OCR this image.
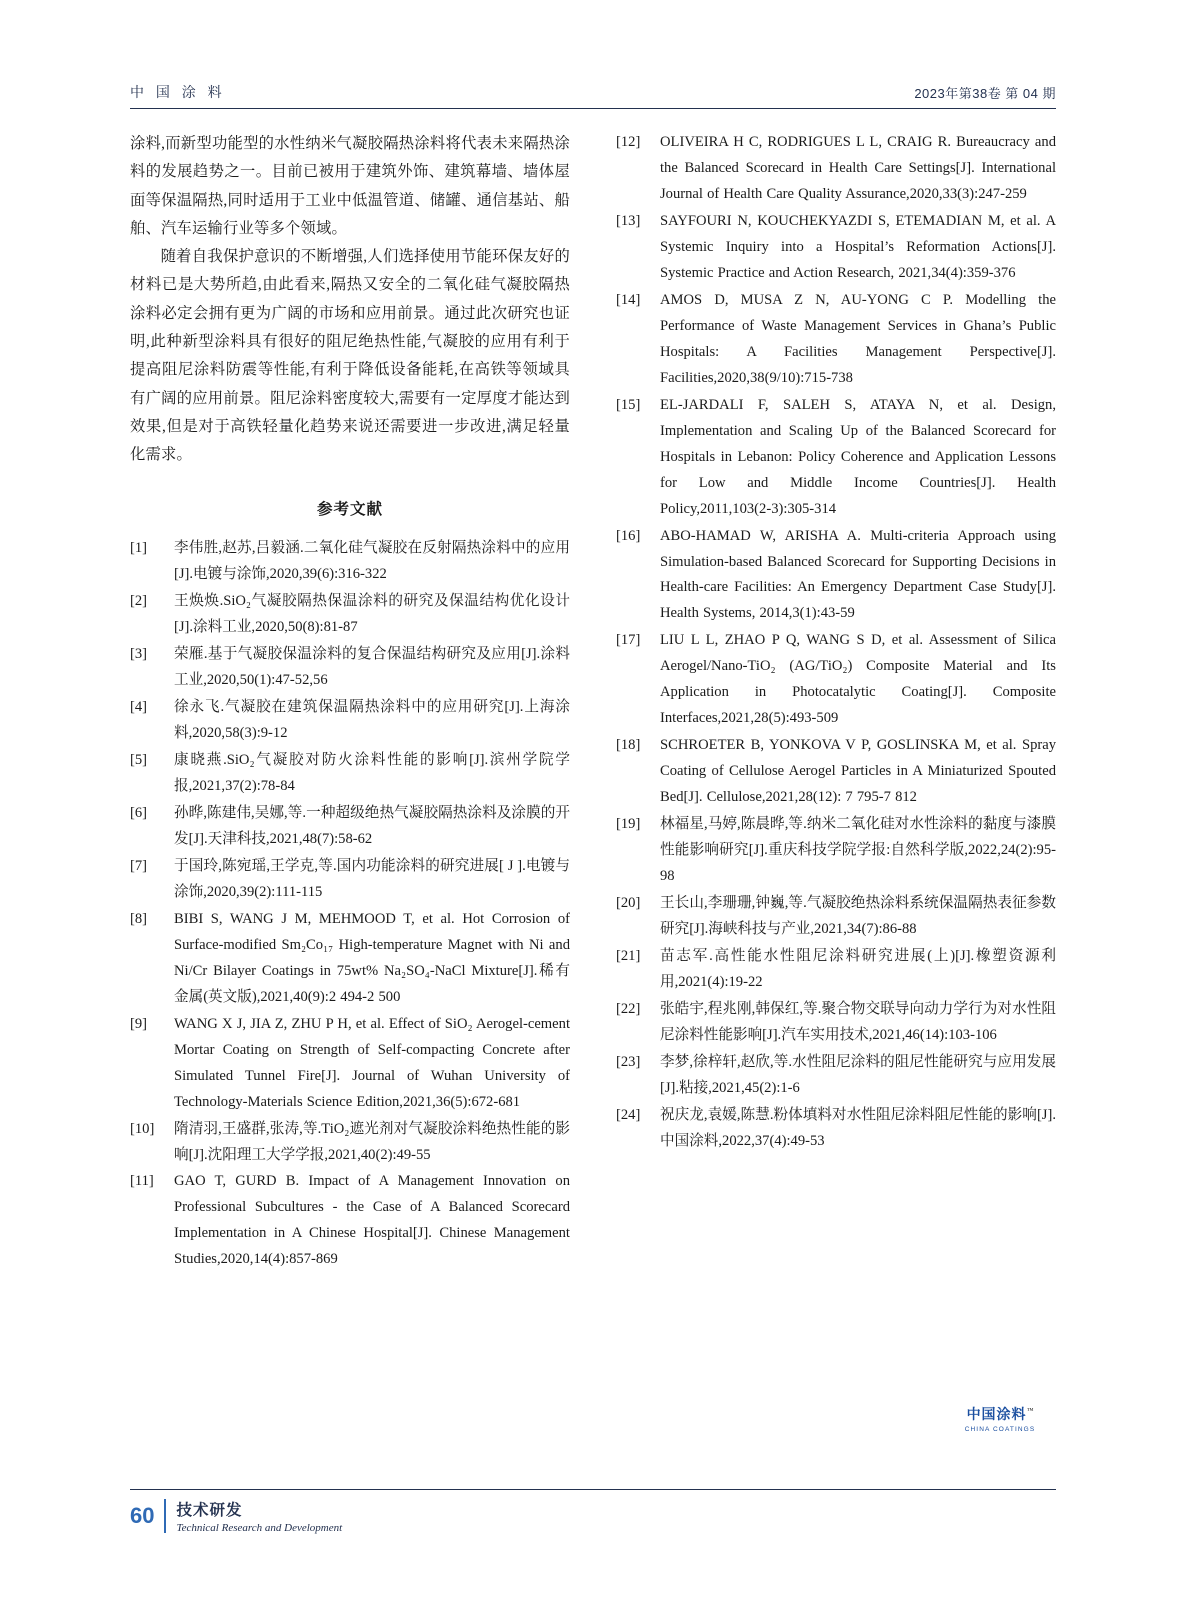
中 国 涂 料	2023年第38卷 第 04 期

涂料,而新型功能型的水性纳米气凝胶隔热涂料将代表未来隔热涂料的发展趋势之一。目前已被用于建筑外饰、建筑幕墙、墙体屋面等保温隔热,同时适用于工业中低温管道、储罐、通信基站、船舶、汽车运输行业等多个领域。

随着自我保护意识的不断增强,人们选择使用节能环保友好的材料已是大势所趋,由此看来,隔热又安全的二氧化硅气凝胶隔热涂料必定会拥有更为广阔的市场和应用前景。通过此次研究也证明,此种新型涂料具有很好的阻尼绝热性能,气凝胶的应用有利于提高阻尼涂料防震等性能,有利于降低设备能耗,在高铁等领域具有广阔的应用前景。阻尼涂料密度较大,需要有一定厚度才能达到效果,但是对于高铁轻量化趋势来说还需要进一步改进,满足轻量化需求。

参考文献
[1]	李伟胜,赵苏,吕毅涵.二氧化硅气凝胶在反射隔热涂料中的应用[J].电镀与涂饰,2020,39(6):316-322
[2]	王焕焕.SiO₂气凝胶隔热保温涂料的研究及保温结构优化设计[J].涂料工业,2020,50(8):81-87
[3]	荣雁.基于气凝胶保温涂料的复合保温结构研究及应用[J].涂料工业,2020,50(1):47-52,56
[4]	徐永飞.气凝胶在建筑保温隔热涂料中的应用研究[J].上海涂料,2020,58(3):9-12
[5]	康晓燕.SiO₂气凝胶对防火涂料性能的影响[J].滨州学院学报,2021,37(2):78-84
[6]	孙晔,陈建伟,吴娜,等.一种超级绝热气凝胶隔热涂料及涂膜的开发[J].天津科技,2021,48(7):58-62
[7]	于国玲,陈宛瑶,王学克,等.国内功能涂料的研究进展[ J ].电镀与涂饰,2020,39(2):111-115
[8]	BIBI S, WANG J M, MEHMOOD T, et al. Hot Corrosion of Surface-modified Sm₂Co₁₇ High-temperature Magnet with Ni and Ni/Cr Bilayer Coatings in 75wt% Na₂SO₄-NaCl Mixture[J].稀有金属(英文版),2021,40(9):2 494-2 500
[9]	WANG X J, JIA Z, ZHU P H, et al. Effect of SiO₂ Aerogel-cement Mortar Coating on Strength of Self-compacting Concrete after Simulated Tunnel Fire[J]. Journal of Wuhan University of Technology-Materials Science Edition,2021,36(5):672-681
[10]	隋清羽,王盛群,张涛,等.TiO₂遮光剂对气凝胶涂料绝热性能的影响[J].沈阳理工大学学报,2021,40(2):49-55
[11]	GAO T, GURD B. Impact of A Management Innovation on Professional Subcultures - the Case of A Balanced Scorecard Implementation in A Chinese Hospital[J]. Chinese Management Studies,2020,14(4):857-869
[12]	OLIVEIRA H C, RODRIGUES L L, CRAIG R. Bureaucracy and the Balanced Scorecard in Health Care Settings[J]. International Journal of Health Care Quality Assurance,2020,33(3):247-259
[13]	SAYFOURI N, KOUCHEKYAZDI S, ETEMADIAN M, et al. A Systemic Inquiry into a Hospital’s Reformation Actions[J]. Systemic Practice and Action Research, 2021,34(4):359-376
[14]	AMOS D, MUSA Z N, AU-YONG C P. Modelling the Performance of Waste Management Services in Ghana’s Public Hospitals: A Facilities Management Perspective[J]. Facilities,2020,38(9/10):715-738
[15]	EL-JARDALI F, SALEH S, ATAYA N, et al. Design, Implementation and Scaling Up of the Balanced Scorecard for Hospitals in Lebanon: Policy Coherence and Application Lessons for Low and Middle Income Countries[J]. Health Policy,2011,103(2-3):305-314
[16]	ABO-HAMAD W, ARISHA A. Multi-criteria Approach using Simulation-based Balanced Scorecard for Supporting Decisions in Health-care Facilities: An Emergency Department Case Study[J]. Health Systems, 2014,3(1):43-59
[17]	LIU L L, ZHAO P Q, WANG S D, et al. Assessment of Silica Aerogel/Nano-TiO₂ (AG/TiO₂) Composite Material and Its Application in Photocatalytic Coating[J]. Composite Interfaces,2021,28(5):493-509
[18]	SCHROETER B, YONKOVA V P, GOSLINSKA M, et al. Spray Coating of Cellulose Aerogel Particles in A Miniaturized Spouted Bed[J]. Cellulose,2021,28(12): 7 795-7 812
[19]	林福星,马婷,陈晨晔,等.纳米二氧化硅对水性涂料的黏度与漆膜性能影响研究[J].重庆科技学院学报:自然科学版,2022,24(2):95-98
[20]	王长山,李珊珊,钟巍,等.气凝胶绝热涂料系统保温隔热表征参数研究[J].海峡科技与产业,2021,34(7):86-88
[21]	苗志军.高性能水性阻尼涂料研究进展(上)[J].橡塑资源利用,2021(4):19-22
[22]	张皓宇,程兆刚,韩保红,等.聚合物交联导向动力学行为对水性阻尼涂料性能影响[J].汽车实用技术,2021,46(14):103-106
[23]	李梦,徐梓轩,赵欣,等.水性阻尼涂料的阻尼性能研究与应用发展[J].粘接,2021,45(2):1-6
[24]	祝庆龙,袁媛,陈慧.粉体填料对水性阻尼涂料阻尼性能的影响[J].中国涂料,2022,37(4):49-53
中国涂料™
CHINA COATINGS
60 技术研发
Technical Research and Development
